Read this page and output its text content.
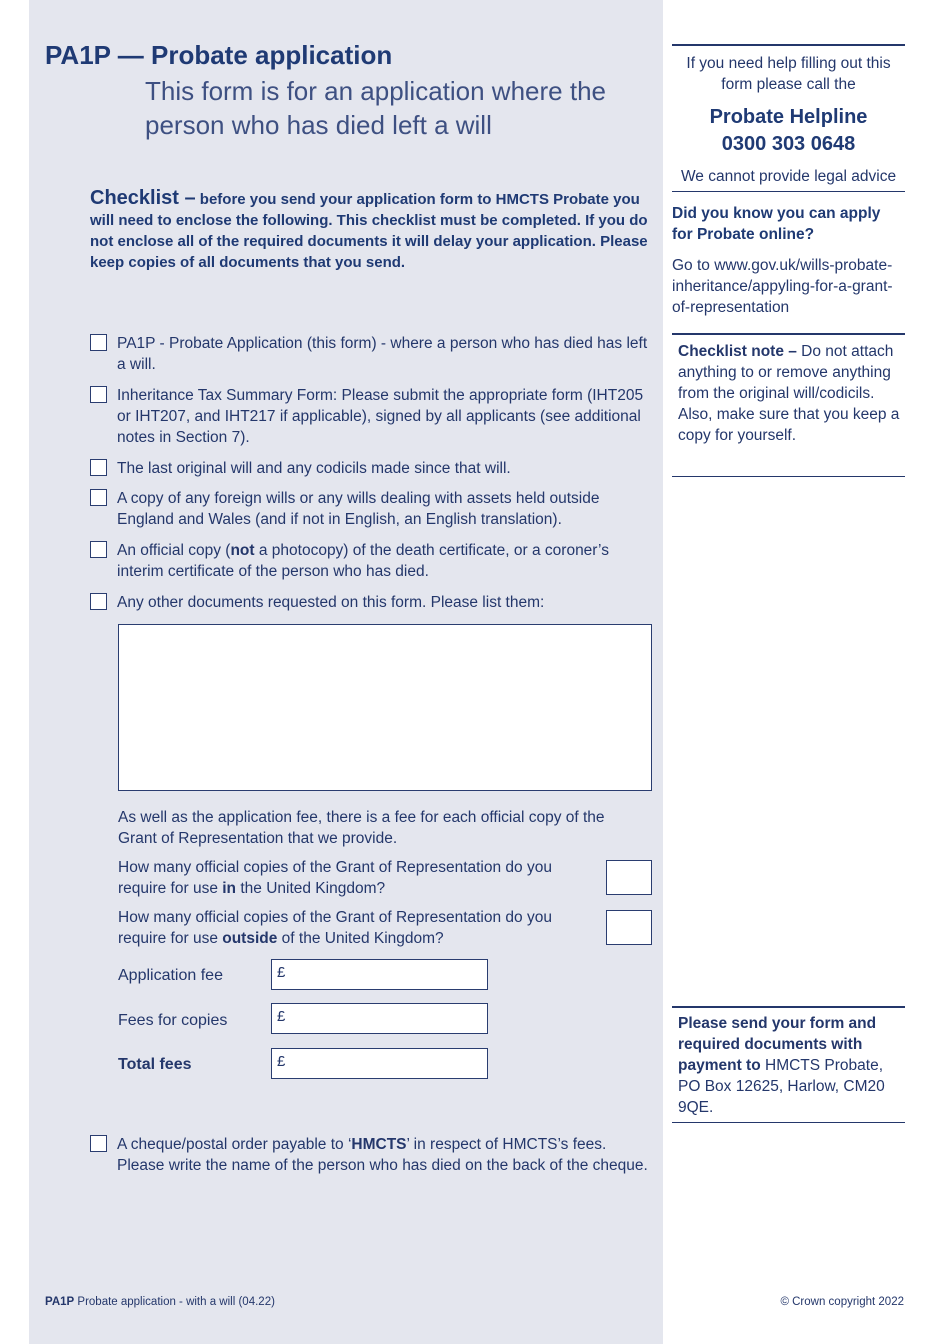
PA1P — Probate application
This form is for an application where the person who has died left a will
Checklist – before you send your application form to HMCTS Probate you will need to enclose the following. This checklist must be completed. If you do not enclose all of the required documents it will delay your application. Please keep copies of all documents that you send.
PA1P - Probate Application (this form) - where a person who has died has left a will.
Inheritance Tax Summary Form: Please submit the appropriate form (IHT205 or IHT207, and IHT217 if applicable), signed by all applicants (see additional notes in Section 7).
The last original will and any codicils made since that will.
A copy of any foreign wills or any wills dealing with assets held outside England and Wales (and if not in English, an English translation).
An official copy (not a photocopy) of the death certificate, or a coroner’s interim certificate of the person who has died.
Any other documents requested on this form. Please list them:
As well as the application fee, there is a fee for each official copy of the Grant of Representation that we provide.
How many official copies of the Grant of Representation do you require for use in the United Kingdom?
How many official copies of the Grant of Representation do you require for use outside of the United Kingdom?
Application fee	£
Fees for copies	£
Total fees	£
A cheque/postal order payable to ‘HMCTS’ in respect of HMCTS’s fees. Please write the name of the person who has died on the back of the cheque.
PA1P Probate application - with a will (04.22)	© Crown copyright 2022
If you need help filling out this form please call the
Probate Helpline
0300 303 0648
We cannot provide legal advice
Did you know you can apply for Probate online?
Go to www.gov.uk/wills-probate-inheritance/appyling-for-a-grant-of-representation
Checklist note – Do not attach anything to or remove anything from the original will/codicils. Also, make sure that you keep a copy for yourself.
Please send your form and required documents with payment to HMCTS Probate, PO Box 12625, Harlow, CM20 9QE.
